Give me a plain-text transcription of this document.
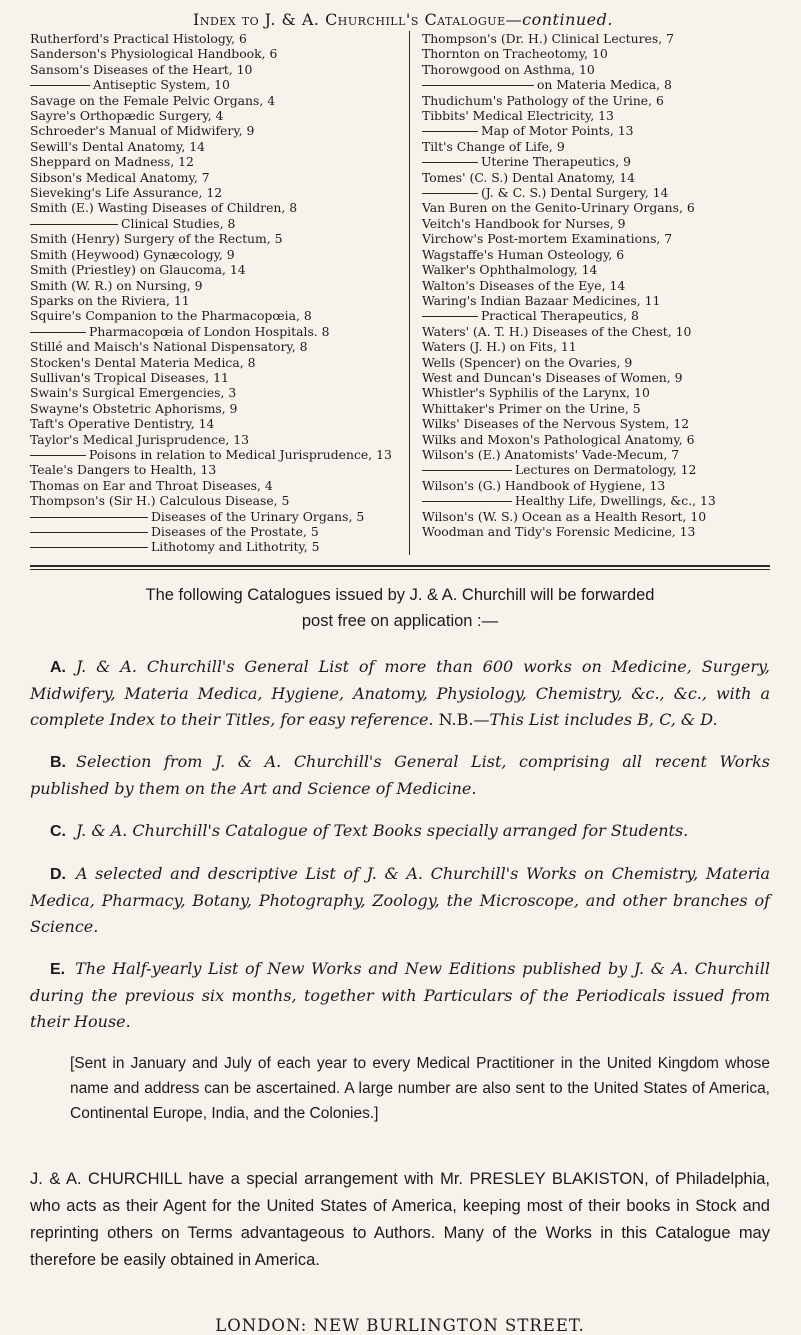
Index to J. & A. Churchill's Catalogue—continued.
Rutherford's Practical Histology, 6
Sanderson's Physiological Handbook, 6
Sansom's Diseases of the Heart, 10
Antiseptic System, 10
Savage on the Female Pelvic Organs, 4
Sayre's Orthopædic Surgery, 4
Schroeder's Manual of Midwifery, 9
Sewill's Dental Anatomy, 14
Sheppard on Madness, 12
Sibson's Medical Anatomy, 7
Sieveking's Life Assurance, 12
Smith (E.) Wasting Diseases of Children, 8
Clinical Studies, 8
Smith (Henry) Surgery of the Rectum, 5
Smith (Heywood) Gynæcology, 9
Smith (Priestley) on Glaucoma, 14
Smith (W. R.) on Nursing, 9
Sparks on the Riviera, 11
Squire's Companion to the Pharmacopœia, 8
Pharmacopœia of London Hospitals. 8
Stillé and Maisch's National Dispensatory, 8
Stocken's Dental Materia Medica, 8
Sullivan's Tropical Diseases, 11
Swain's Surgical Emergencies, 3
Swayne's Obstetric Aphorisms, 9
Taft's Operative Dentistry, 14
Taylor's Medical Jurisprudence, 13
Poisons in relation to Medical Jurisprudence, 13
Teale's Dangers to Health, 13
Thomas on Ear and Throat Diseases, 4
Thompson's (Sir H.) Calculous Disease, 5
Diseases of the Urinary Organs, 5
Diseases of the Prostate, 5
Lithotomy and Lithotrity, 5
Thompson's (Dr. H.) Clinical Lectures, 7
Thornton on Tracheotomy, 10
Thorowgood on Asthma, 10
on Materia Medica, 8
Thudichum's Pathology of the Urine, 6
Tibbits' Medical Electricity, 13
Map of Motor Points, 13
Tilt's Change of Life, 9
Uterine Therapeutics, 9
Tomes' (C. S.) Dental Anatomy, 14
(J. & C. S.) Dental Surgery, 14
Van Buren on the Genito-Urinary Organs, 6
Veitch's Handbook for Nurses, 9
Virchow's Post-mortem Examinations, 7
Wagstaffe's Human Osteology, 6
Walker's Ophthalmology, 14
Walton's Diseases of the Eye, 14
Waring's Indian Bazaar Medicines, 11
Practical Therapeutics, 8
Waters' (A. T. H.) Diseases of the Chest, 10
Waters (J. H.) on Fits, 11
Wells (Spencer) on the Ovaries, 9
West and Duncan's Diseases of Women, 9
Whistler's Syphilis of the Larynx, 10
Whittaker's Primer on the Urine, 5
Wilks' Diseases of the Nervous System, 12
Wilks and Moxon's Pathological Anatomy, 6
Wilson's (E.) Anatomists' Vade-Mecum, 7
Lectures on Dermatology, 12
Wilson's (G.) Handbook of Hygiene, 13
Healthy Life, Dwellings, &c., 13
Wilson's (W. S.) Ocean as a Health Resort, 10
Woodman and Tidy's Forensic Medicine, 13
The following Catalogues issued by J. & A. Churchill will be forwarded
post free on application :—

A. J. & A. Churchill's General List of more than 600 works on Medicine, Surgery, Midwifery, Materia Medica, Hygiene, Anatomy, Physiology, Chemistry, &c., &c., with a complete Index to their Titles, for easy reference. N.B.—This List includes B, C, & D.

B. Selection from J. & A. Churchill's General List, comprising all recent Works published by them on the Art and Science of Medicine.

C. J. & A. Churchill's Catalogue of Text Books specially arranged for Students.

D. A selected and descriptive List of J. & A. Churchill's Works on Chemistry, Materia Medica, Pharmacy, Botany, Photography, Zoology, the Microscope, and other branches of Science.

E. The Half-yearly List of New Works and New Editions published by J. & A. Churchill during the previous six months, together with Particulars of the Periodicals issued from their House.

[Sent in January and July of each year to every Medical Practitioner in the United Kingdom whose name and address can be ascertained. A large number are also sent to the United States of America, Continental Europe, India, and the Colonies.]
J. & A. CHURCHILL have a special arrangement with Mr. PRESLEY BLAKISTON, of Philadelphia, who acts as their Agent for the United States of America, keeping most of their books in Stock and reprinting others on Terms advantageous to Authors. Many of the Works in this Catalogue may therefore be easily obtained in America.
LONDON: NEW BURLINGTON STREET.
